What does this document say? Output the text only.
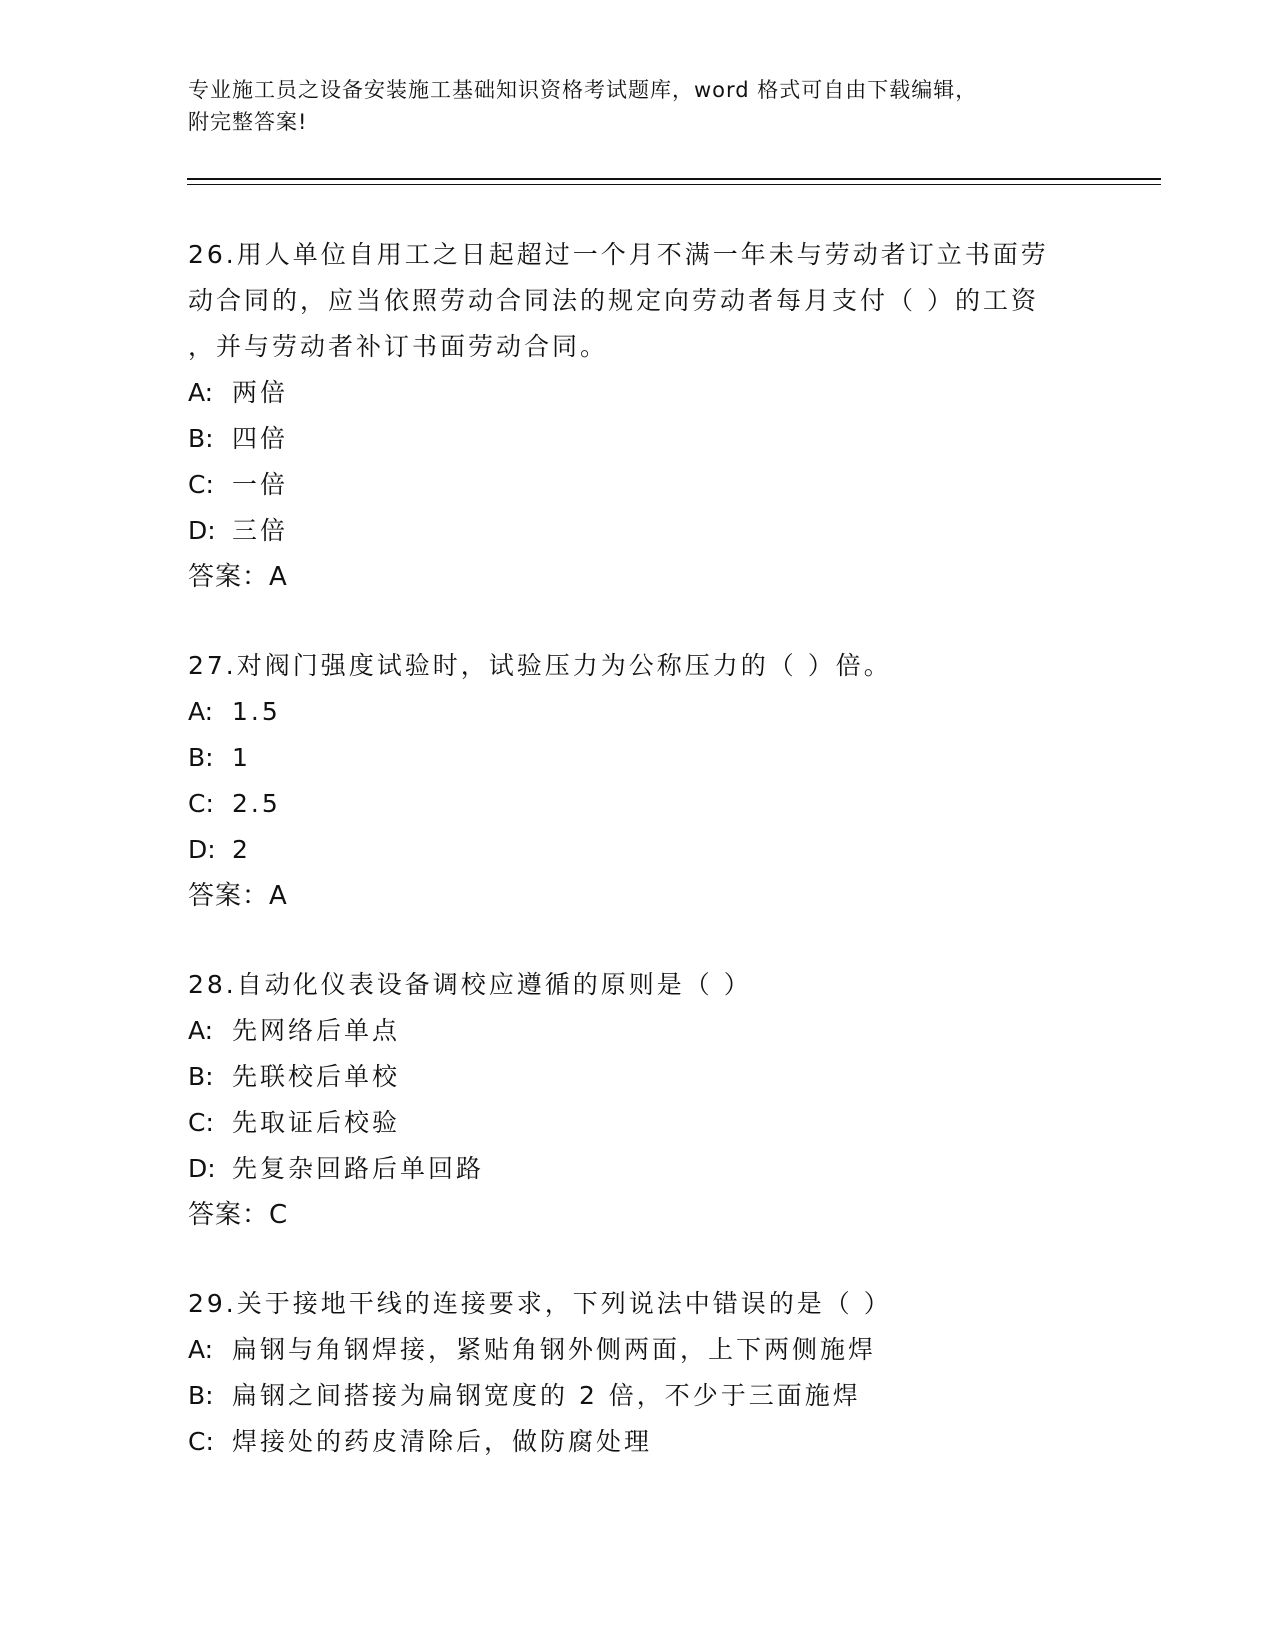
专业施工员之设备安装施工基础知识资格考试题库，word 格式可自由下载编辑，
附完整答案!
26.用人单位自用工之日起超过一个月不满一年未与劳动者订立书面劳
动合同的，应当依照劳动合同法的规定向劳动者每月支付（ ）的工资
，并与劳动者补订书面劳动合同。
A: 两倍
B: 四倍
C: 一倍
D: 三倍
答案：A
27.对阀门强度试验时，试验压力为公称压力的（ ）倍。
A: 1.5
B: 1
C: 2.5
D: 2
答案：A
28.自动化仪表设备调校应遵循的原则是（ ）
A: 先网络后单点
B: 先联校后单校
C: 先取证后校验
D: 先复杂回路后单回路
答案：C
29.关于接地干线的连接要求，下列说法中错误的是（ ）
A: 扁钢与角钢焊接，紧贴角钢外侧两面，上下两侧施焊
B: 扁钢之间搭接为扁钢宽度的 2 倍，不少于三面施焊
C: 焊接处的药皮清除后，做防腐处理
